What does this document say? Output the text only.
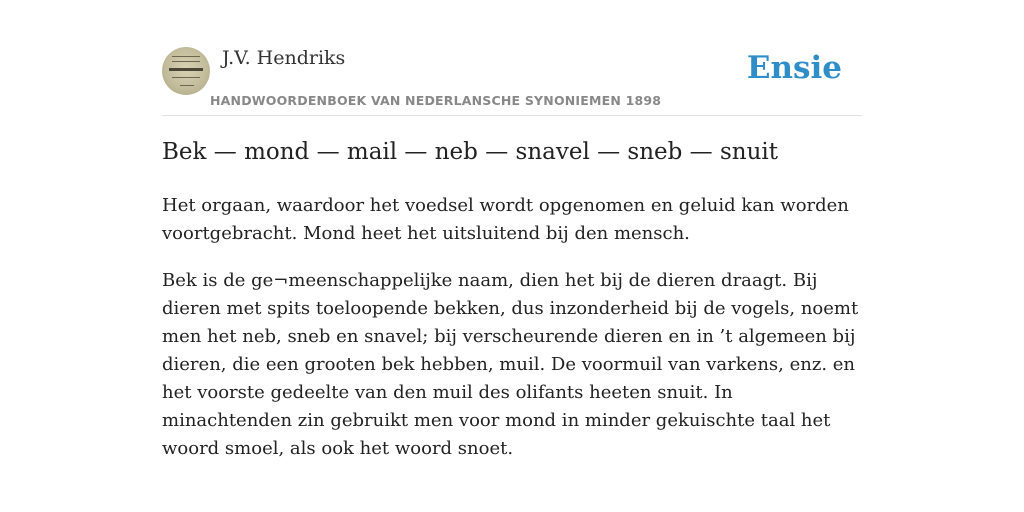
J.V. Hendriks
HANDWOORDENBOEK VAN NEDERLANSCHE SYNONIEMEN 1898
Ensie
Bek — mond — mail — neb — snavel — sneb — snuit

Het orgaan, waardoor het voedsel wordt opgenomen en geluid kan worden voortgebracht. Mond heet het uitsluitend bij den mensch.

Bek is de ge¬meenschappelijke naam, dien het bij de dieren draagt. Bij dieren met spits toeloopende bekken, dus inzonderheid bij de vogels, noemt men het neb, sneb en snavel; bij verscheurende dieren en in ’t algemeen bij dieren, die een grooten bek hebben, muil. De voormuil van varkens, enz. en het voorste gedeelte van den muil des olifants heeten snuit. In minachtenden zin gebruikt men voor mond in minder gekuischte taal het woord smoel, als ook het woord snoet.
